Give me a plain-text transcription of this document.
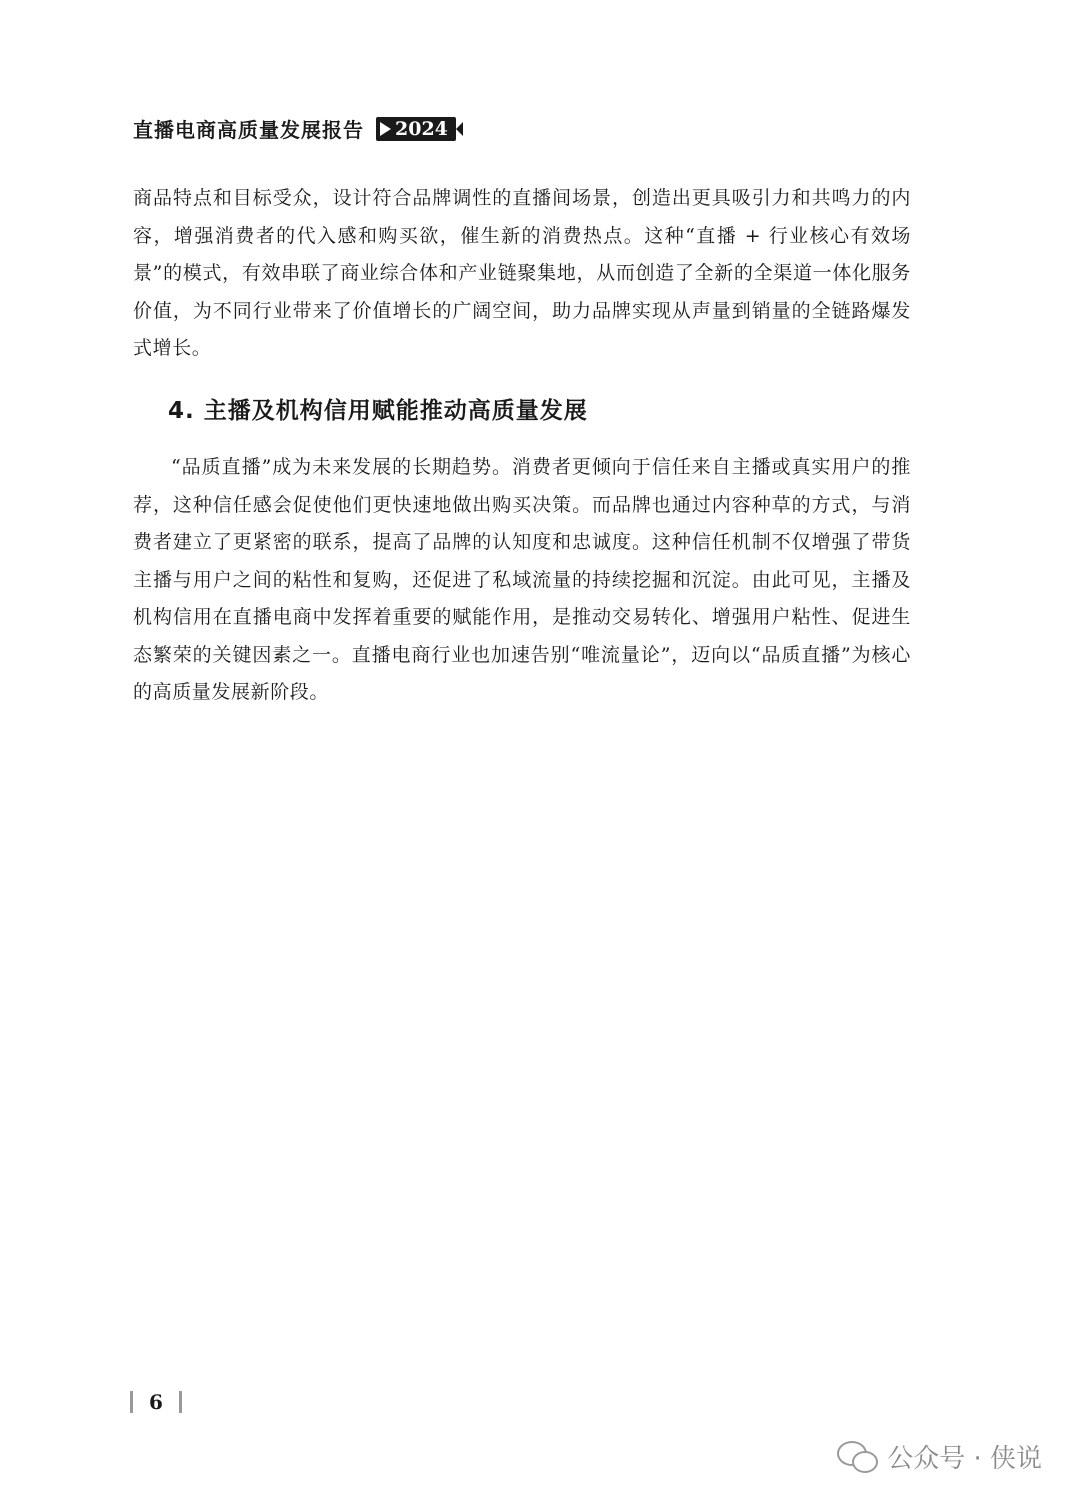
直播电商高质量发展报告 2024

商品特点和目标受众，设计符合品牌调性的直播间场景，创造出更具吸引力和共鸣力的内容，增强消费者的代入感和购买欲，催生新的消费热点。这种“直播 + 行业核心有效场景”的模式，有效串联了商业综合体和产业链聚集地，从而创造了全新的全渠道一体化服务价值，为不同行业带来了价值增长的广阔空间，助力品牌实现从声量到销量的全链路爆发式增长。

4. 主播及机构信用赋能推动高质量发展

“品质直播”成为未来发展的长期趋势。消费者更倾向于信任来自主播或真实用户的推荐，这种信任感会促使他们更快速地做出购买决策。而品牌也通过内容种草的方式，与消费者建立了更紧密的联系，提高了品牌的认知度和忠诚度。这种信任机制不仅增强了带货主播与用户之间的粘性和复购，还促进了私域流量的持续挖掘和沉淀。由此可见，主播及机构信用在直播电商中发挥着重要的赋能作用，是推动交易转化、增强用户粘性、促进生态繁荣的关键因素之一。直播电商行业也加速告别“唯流量论”，迈向以“品质直播”为核心的高质量发展新阶段。

6
公众号 · 侠说
